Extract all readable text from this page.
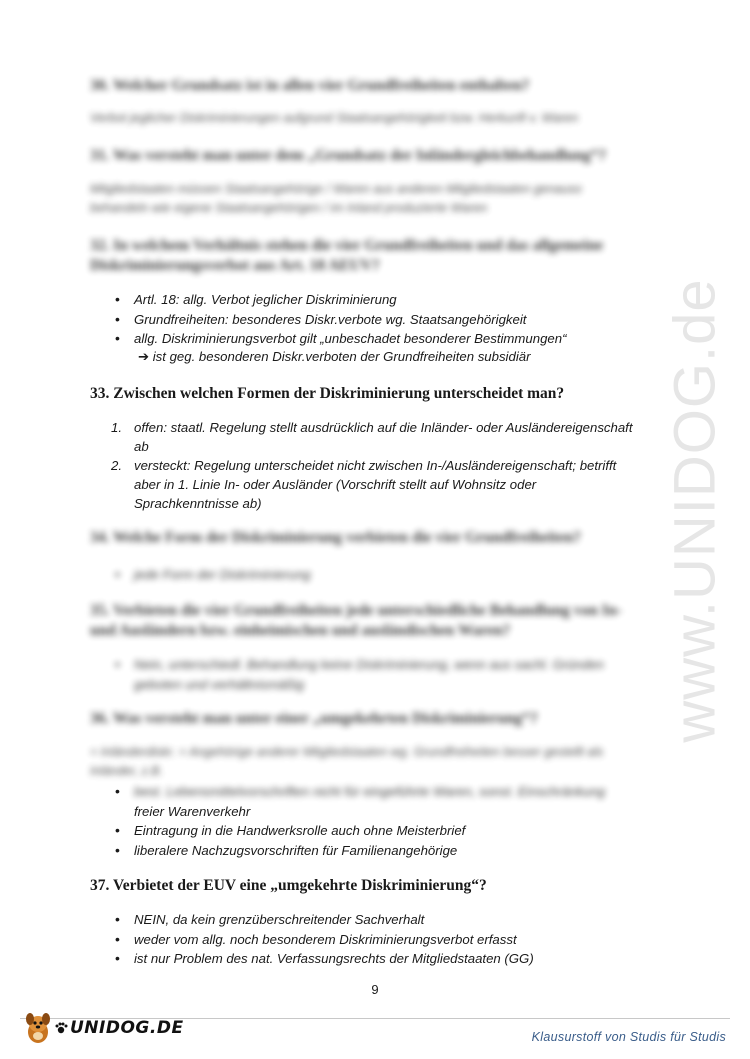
www.UNIDOG.de
30. Welcher Grundsatz ist in allen vier Grundfreiheiten enthalten?
Verbot jeglicher Diskriminierungen aufgrund Staatsangehörigkeit bzw. Herkunft v. Waren
31. Was versteht man unter dem „Grundsatz der Inländergleichbehandlung“?
Mitgliedstaaten müssen Staatsangehörige / Waren aus anderen Mitgliedstaaten genauso
behandeln wie eigene Staatsangehörigen / im Inland produzierte Waren
32. In welchem Verhältnis stehen die vier Grundfreiheiten und das allgemeine
Diskriminierungsverbot aus Art. 18 AEUV?
• Artl. 18: allg. Verbot jeglicher Diskriminierung
• Grundfreiheiten: besonderes Diskr.verbote wg. Staatsangehörigkeit
• allg. Diskriminierungsverbot gilt „unbeschadet besonderer Bestimmungen“
➔ ist geg. besonderen Diskr.verboten der Grundfreiheiten subsidiär
33. Zwischen welchen Formen der Diskriminierung unterscheidet man?
1. offen: staatl. Regelung stellt ausdrücklich auf die Inländer- oder Ausländereigenschaft
ab
2. versteckt: Regelung unterscheidet nicht zwischen In-/Ausländereigenschaft; betrifft
aber in 1. Linie In- oder Ausländer (Vorschrift stellt auf Wohnsitz oder
Sprachkenntnisse ab)
34. Welche Form der Diskriminierung verbieten die vier Grundfreiheiten?
• jede Form der Diskriminierung
35. Verbieten die vier Grundfreiheiten jede unterschiedliche Behandlung von In-
und Ausländern bzw. einheimischen und ausländischen Waren?
• Nein, unterschiedl. Behandlung keine Diskriminierung, wenn aus sachl. Gründen
geboten und verhältnismäßig
36. Was versteht man unter einer „umgekehrten Diskriminierung“?
= Inländerdiskr. = Angehörige anderer Mitgliedstaaten wg. Grundfreiheiten besser gestellt als
Inländer, z.B.
• best. Lebensmittelvorschriften nicht für eingeführte Waren, sonst. Einschränkung
freier Warenverkehr
• Eintragung in die Handwerksrolle auch ohne Meisterbrief
• liberalere Nachzugsvorschriften für Familienangehörige
37. Verbietet der EUV eine „umgekehrte Diskriminierung“?
• NEIN, da kein grenzüberschreitender Sachverhalt
• weder vom allg. noch besonderem Diskriminierungsverbot erfasst
• ist nur Problem des nat. Verfassungsrechts der Mitgliedstaaten (GG)
9
UNIDOG.DE	Klausurstoff von Studis für Studis
